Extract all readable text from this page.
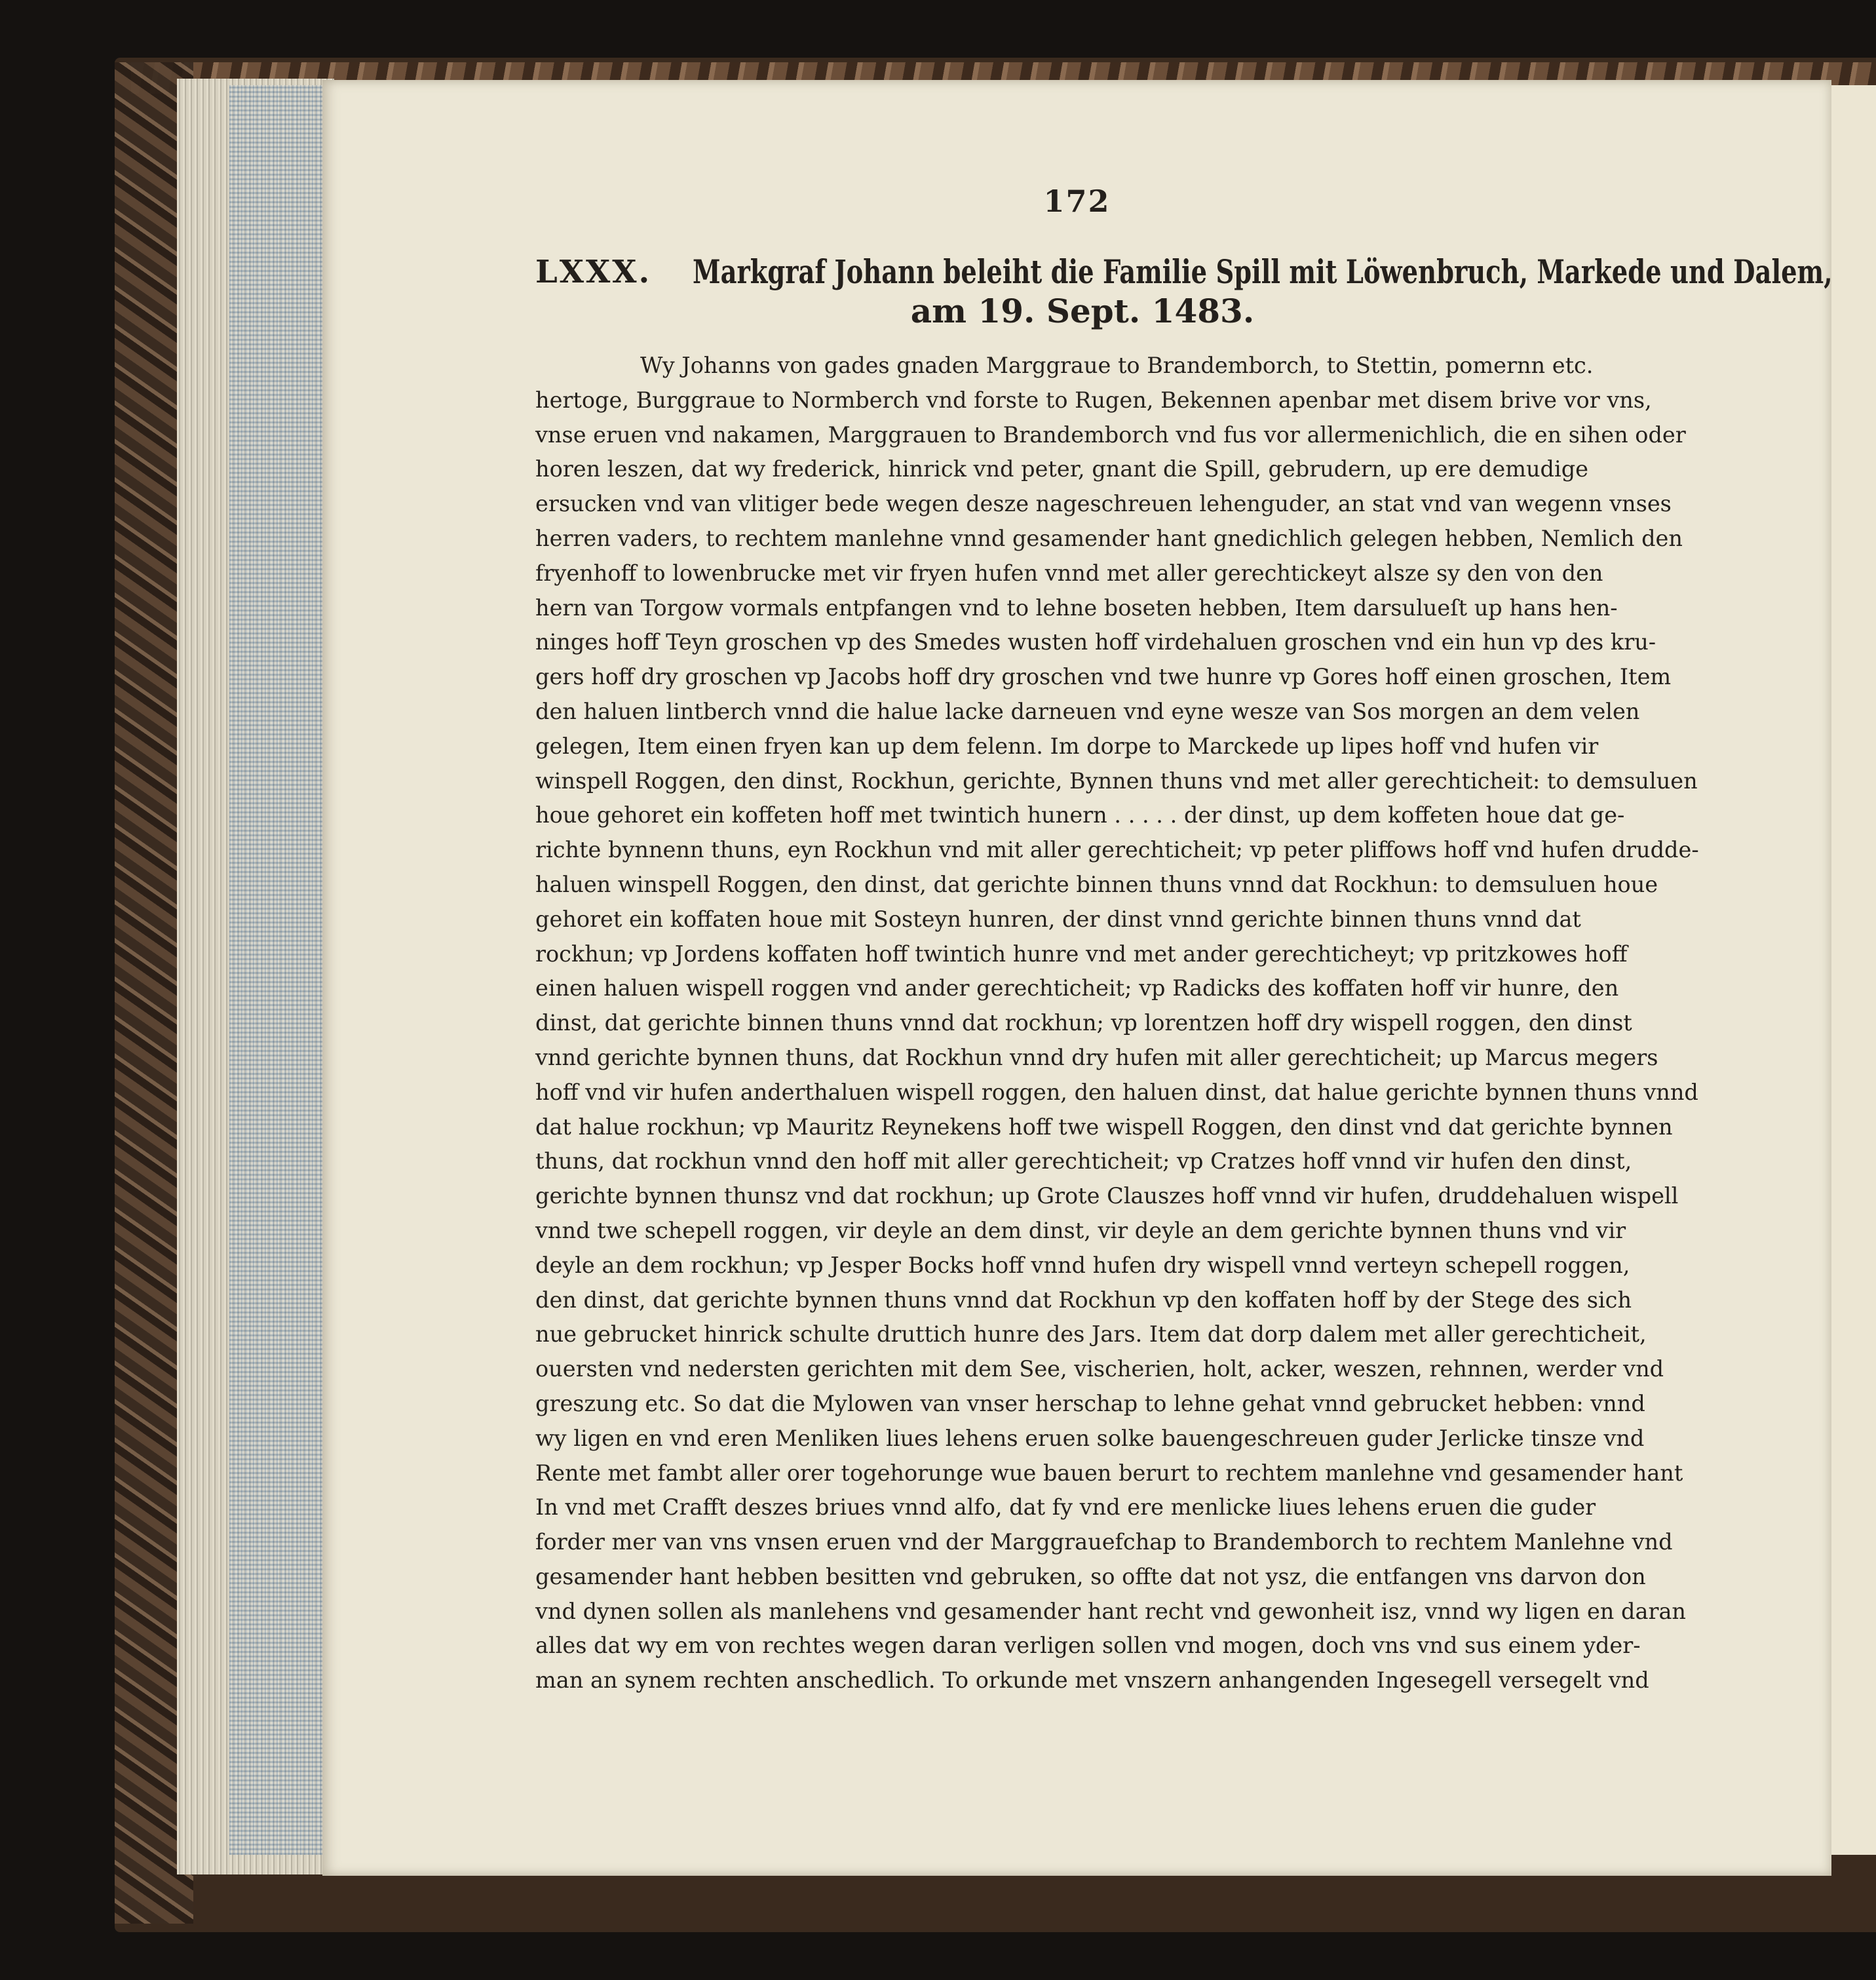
172
LXXX. Markgraf Johann beleiht die Familie Spill mit Löwenbruch, Markede und Dalem,
am 19. Sept. 1483.
Wy Johanns von gades gnaden Marggraue to Brandemborch, to Stettin, pomernn etc.
hertoge, Burggraue to Normberch vnd forste to Rugen, Bekennen apenbar met disem brive vor vns,
vnse eruen vnd nakamen, Marggrauen to Brandemborch vnd fus vor allermenichlich, die en sihen oder
horen leszen, dat wy frederick, hinrick vnd peter, gnant die Spill, gebrudern, up ere demudige
ersucken vnd van vlitiger bede wegen desze nageschreuen lehenguder, an stat vnd van wegenn vnses
herren vaders, to rechtem manlehne vnnd gesamender hant gnedichlich gelegen hebben, Nemlich den
fryenhoff to lowenbrucke met vir fryen hufen vnnd met aller gerechtickeyt alsze sy den von den
hern van Torgow vormals entpfangen vnd to lehne boseten hebben, Item darsulueſt up hans hen-
ninges hoff Teyn groschen vp des Smedes wusten hoff virdehaluen groschen vnd ein hun vp des kru-
gers hoff dry groschen vp Jacobs hoff dry groschen vnd twe hunre vp Gores hoff einen groschen, Item
den haluen lintberch vnnd die halue lacke darneuen vnd eyne wesze van Sos morgen an dem velen
gelegen, Item einen fryen kan up dem felenn. Im dorpe to Marckede up lipes hoff vnd hufen vir
winspell Roggen, den dinst, Rockhun, gerichte, Bynnen thuns vnd met aller gerechticheit: to demsuluen
houe gehoret ein koffeten hoff met twintich hunern . . . . . der dinst, up dem koffeten houe dat ge-
richte bynnenn thuns, eyn Rockhun vnd mit aller gerechticheit; vp peter pliffows hoff vnd hufen drudde-
haluen winspell Roggen, den dinst, dat gerichte binnen thuns vnnd dat Rockhun: to demsuluen houe
gehoret ein koffaten houe mit Sosteyn hunren, der dinst vnnd gerichte binnen thuns vnnd dat
rockhun; vp Jordens koffaten hoff twintich hunre vnd met ander gerechticheyt; vp pritzkowes hoff
einen haluen wispell roggen vnd ander gerechticheit; vp Radicks des koffaten hoff vir hunre, den
dinst, dat gerichte binnen thuns vnnd dat rockhun; vp lorentzen hoff dry wispell roggen, den dinst
vnnd gerichte bynnen thuns, dat Rockhun vnnd dry hufen mit aller gerechticheit; up Marcus megers
hoff vnd vir hufen anderthaluen wispell roggen, den haluen dinst, dat halue gerichte bynnen thuns vnnd
dat halue rockhun; vp Mauritz Reynekens hoff twe wispell Roggen, den dinst vnd dat gerichte bynnen
thuns, dat rockhun vnnd den hoff mit aller gerechticheit; vp Cratzes hoff vnnd vir hufen den dinst,
gerichte bynnen thunsz vnd dat rockhun; up Grote Clauszes hoff vnnd vir hufen, druddehaluen wispell
vnnd twe schepell roggen, vir deyle an dem dinst, vir deyle an dem gerichte bynnen thuns vnd vir
deyle an dem rockhun; vp Jesper Bocks hoff vnnd hufen dry wispell vnnd verteyn schepell roggen,
den dinst, dat gerichte bynnen thuns vnnd dat Rockhun vp den koffaten hoff by der Stege des sich
nue gebrucket hinrick schulte druttich hunre des Jars. Item dat dorp dalem met aller gerechticheit,
ouersten vnd nedersten gerichten mit dem See, vischerien, holt, acker, weszen, rehnnen, werder vnd
greszung etc. So dat die Mylowen van vnser herschap to lehne gehat vnnd gebrucket hebben: vnnd
wy ligen en vnd eren Menliken liues lehens eruen solke bauengeschreuen guder Jerlicke tinsze vnd
Rente met fambt aller orer togehorunge wue bauen berurt to rechtem manlehne vnd gesamender hant
In vnd met Crafft deszes briues vnnd alfo, dat fy vnd ere menlicke liues lehens eruen die guder
forder mer van vns vnsen eruen vnd der Marggrauefchap to Brandemborch to rechtem Manlehne vnd
gesamender hant hebben besitten vnd gebruken, so offte dat not ysz, die entfangen vns darvon don
vnd dynen sollen als manlehens vnd gesamender hant recht vnd gewonheit isz, vnnd wy ligen en daran
alles dat wy em von rechtes wegen daran verligen sollen vnd mogen, doch vns vnd sus einem yder-
man an synem rechten anschedlich. To orkunde met vnszern anhangenden Ingesegell versegelt vnd
